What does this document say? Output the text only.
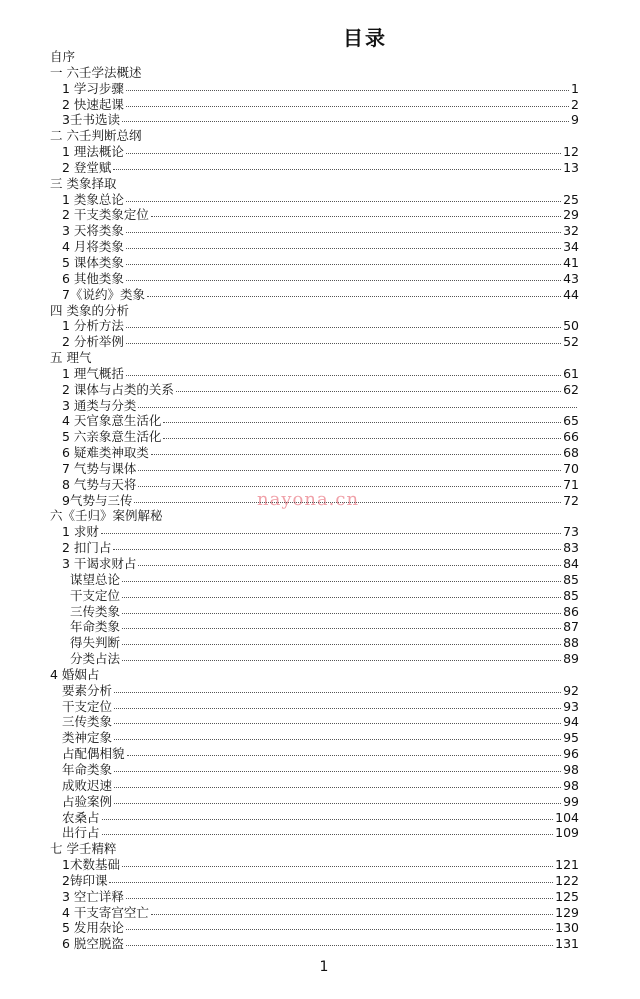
目录
自序
一 六壬学法概述
1 学习步骤	1
2 快速起课	2
3壬书选读	9
二 六壬判断总纲
1 理法概论	12
2 登堂赋	13
三 类象择取
1 类象总论	25
2 干支类象定位	29
3 天将类象	32
4 月将类象	34
5 课体类象	41
6 其他类象	43
7《说约》类象	44
四 类象的分析
1 分析方法	50
2 分析举例	52
五 理气
1 理气概括	61
2 课体与占类的关系	62
3 通类与分类
4 天官象意生活化	65
5 六亲象意生活化	66
6 疑难类神取类	68
7 气势与课体	70
8 气势与天将	71
9气势与三传	72
六《壬归》案例解秘
1 求财	73
2 扣门占	83
3 干谒求财占	84
谋望总论	85
干支定位	85
三传类象	86
年命类象	87
得失判断	88
分类占法	89
4 婚姻占
要素分析	92
干支定位	93
三传类象	94
类神定象	95
占配偶相貌	96
年命类象	98
成败迟速	98
占验案例	99
农桑占	104
出行占	109
七 学壬精粹
1术数基础	121
2铸印课	122
3 空亡详释	125
4 干支寄宫空亡	129
5 发用杂论	130
6 脱空脱盗	131
nayona.cn
1
